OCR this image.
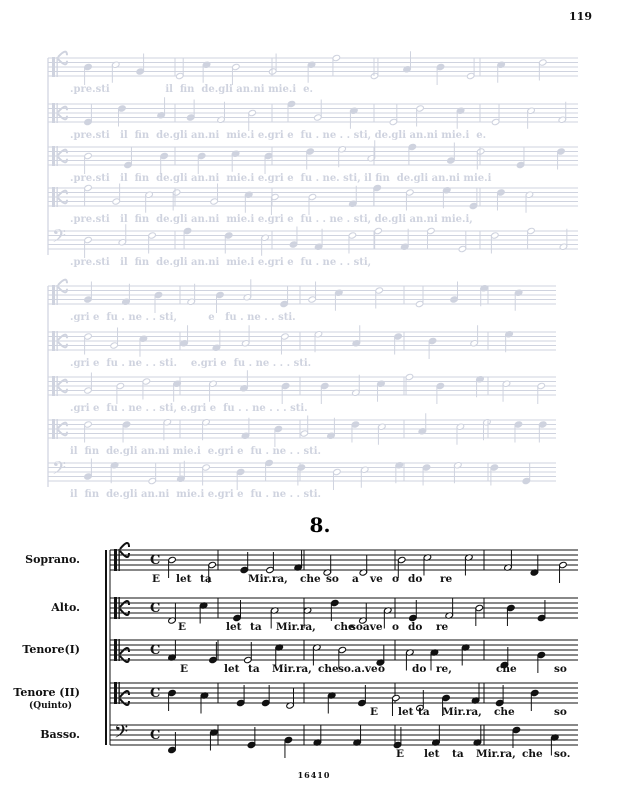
119
.pre.sti                il  fin  de.gli an.ni mie.i  e.
.pre.sti   il  fin  de.gli an.ni  mie.i e.gri e  fu . ne . . sti, de.gli an.ni mie.i  e.
.pre.sti   il  fin  de.gli an.ni  mie.i e.gri e  fu . ne. sti, il fin  de.gli an.ni mie.i
.pre.sti   il  fin  de.gli an.ni  mie.i e.gri e  fu . . ne . sti, de.gli an.ni mie.i,
𝄢
.pre.sti   il  fin  de.gli an.ni  mie.i e.gri e  fu . ne . . sti,
.gri e  fu . ne . . sti,         e   fu . ne . . sti.
.gri e  fu . ne . . sti.    e.gri e  fu . ne . . . sti.
.gri e  fu . ne . . sti, e.gri e  fu . . ne . . . sti.
il  fin  de.gli an.ni mie.i  e.gri e  fu . ne . . sti.
𝄢
il  fin  de.gli an.ni  mie.i e.gri e  fu . ne . . sti.
8.
Soprano.	C
E let ta	Mir.ra, che so a ve o do re
Alto.	C
E	let ta Mir.ra, che
soave o do re
Tenore(I)	C
E	let ta Mir.ra, che so.a.ve o	do re,	che	so
Tenore (II)
(Quinto)
C
E let ta Mir.ra, che	so
Basso. 𝄢 C
E let ta Mir.ra, che so.
16410
